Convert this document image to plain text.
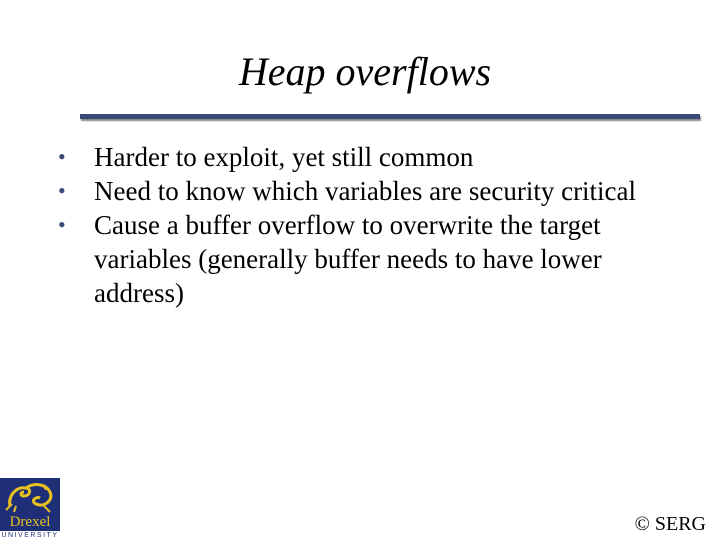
Heap overflows
• Harder to exploit, yet still common
• Need to know which variables are security critical
• Cause a buffer overflow to overwrite the target variables (generally buffer needs to have lower address)
Drexel
UNIVERSITY
© SERG
